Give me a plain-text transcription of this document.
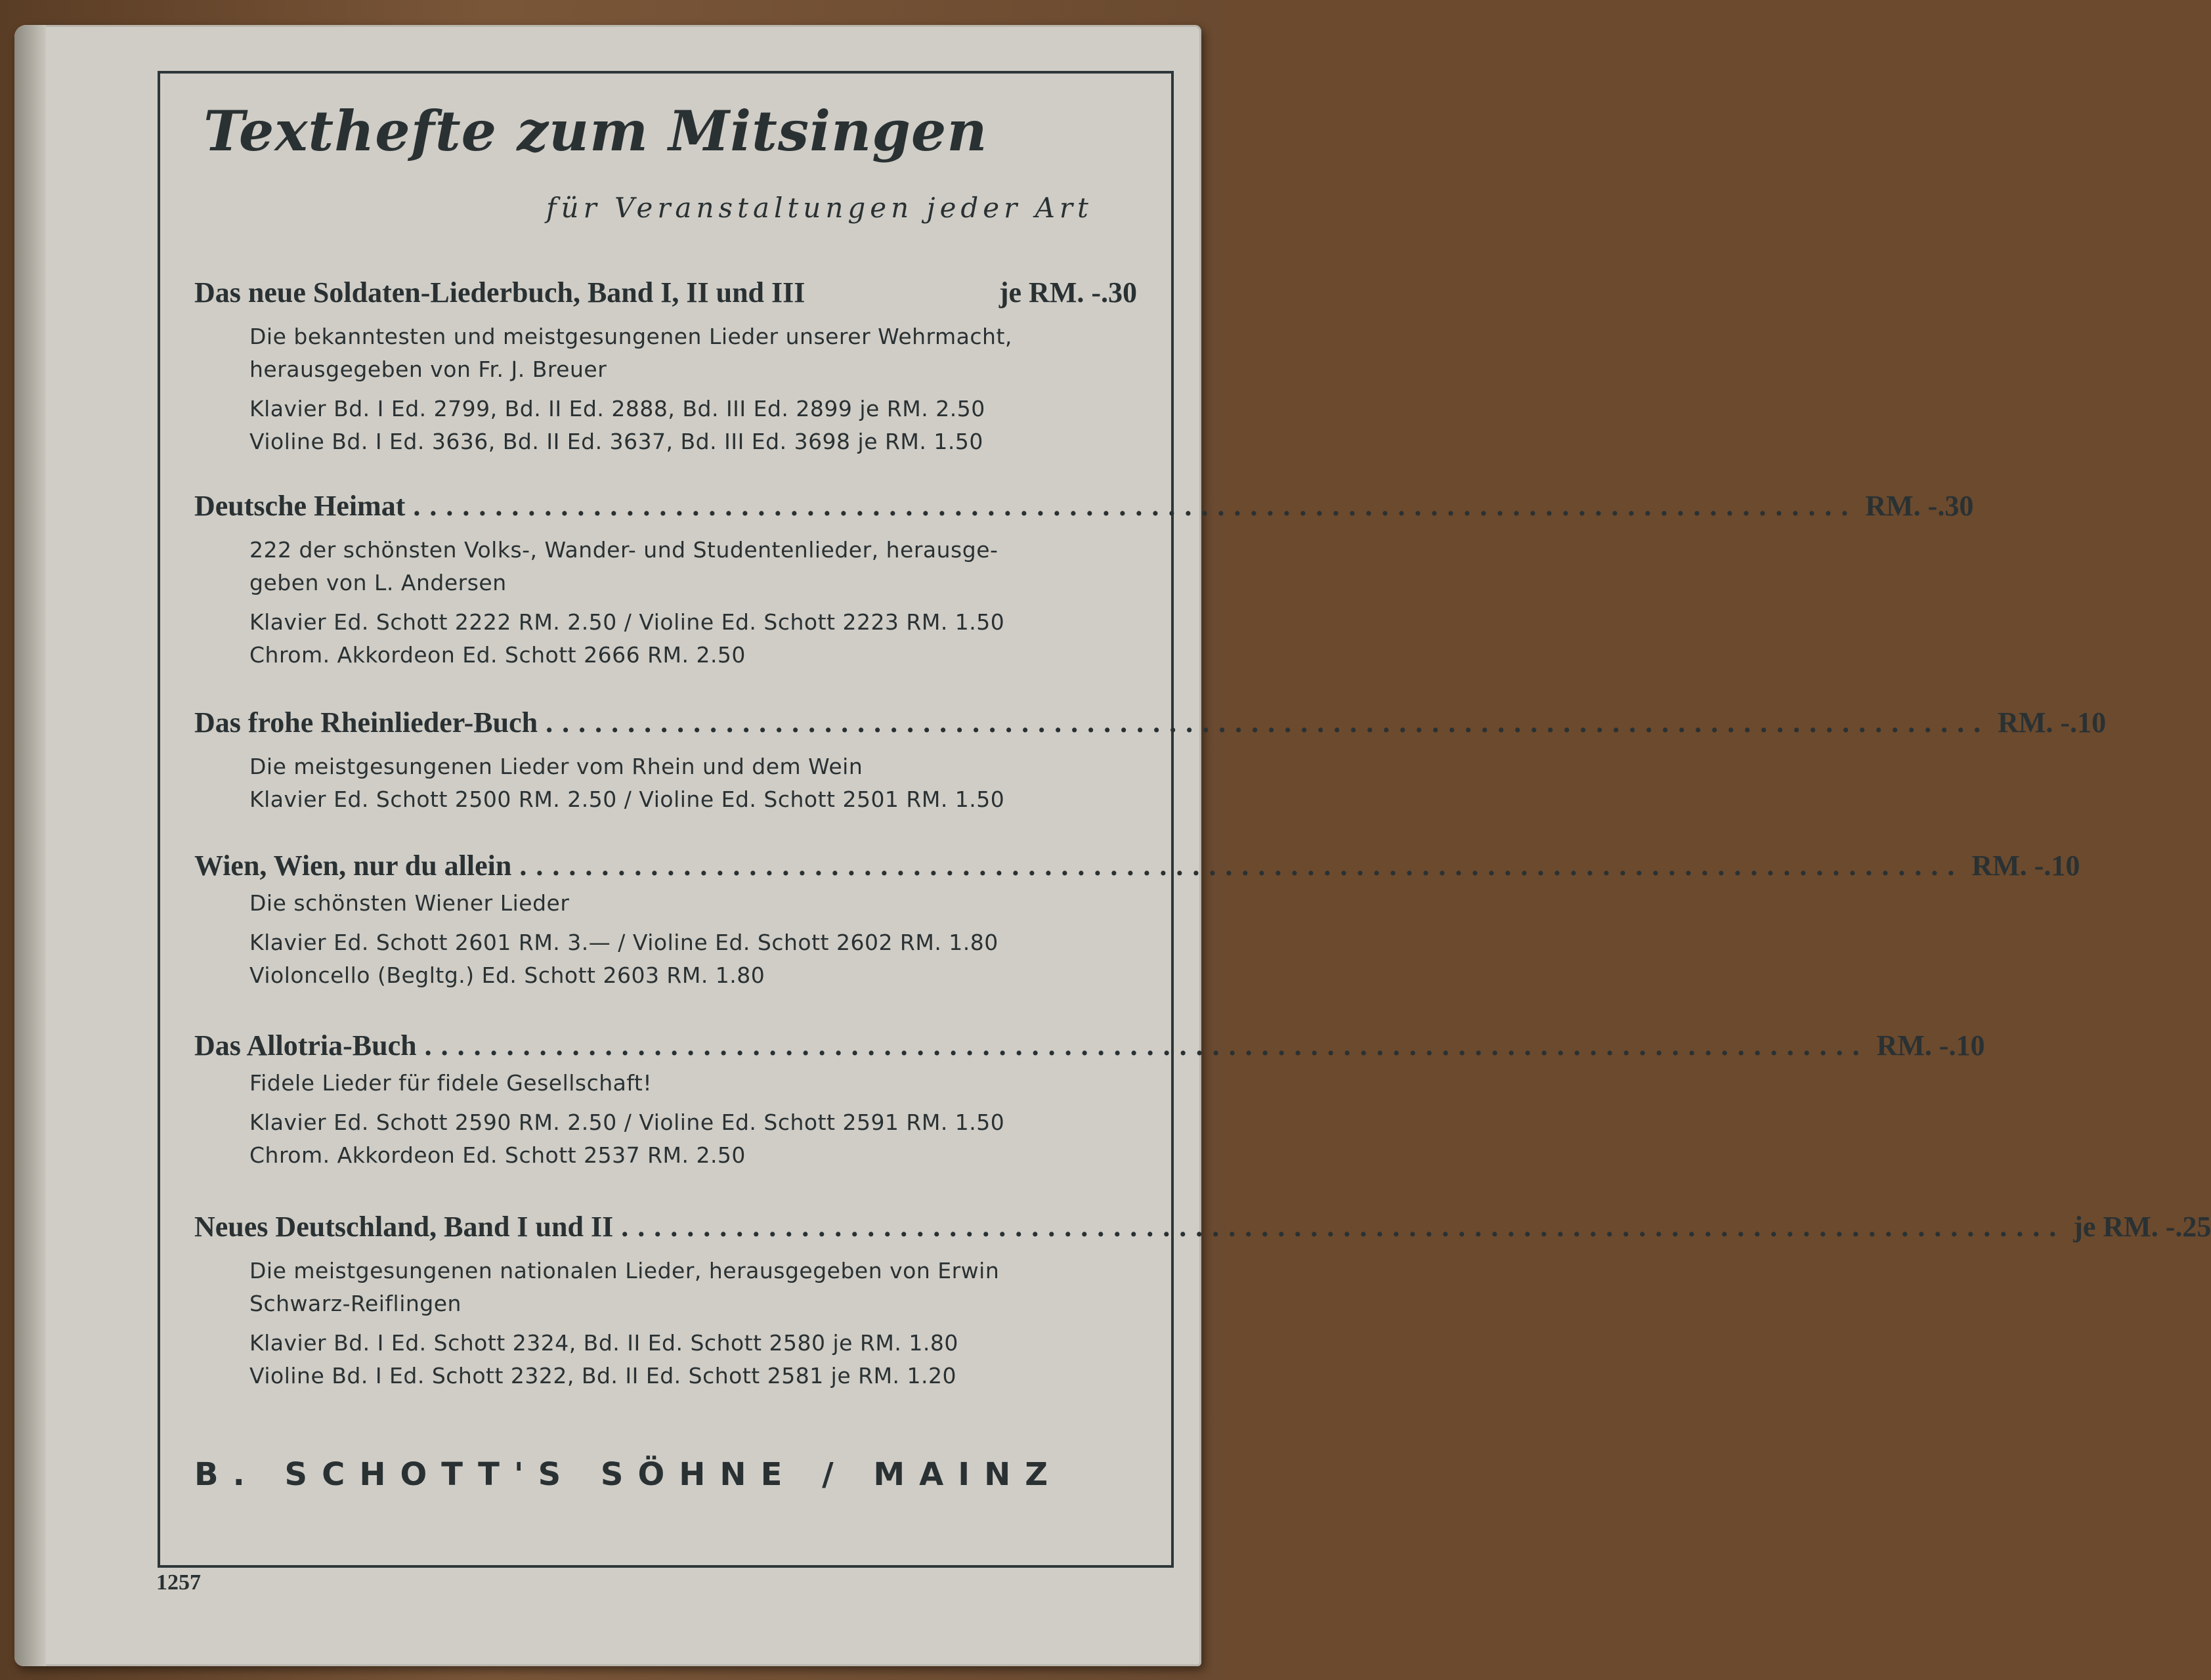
Texthefte zum Mitsingen
für Veranstaltungen jeder Art
Das neue Soldaten-Liederbuch, Band I, II und III	je RM. -.30
Die bekanntesten und meistgesungenen Lieder unserer Wehrmacht,
herausgegeben von Fr. J. Breuer
Klavier Bd. I Ed. 2799, Bd. II Ed. 2888, Bd. III Ed. 2899 je RM. 2.50
Violine Bd. I Ed. 3636, Bd. II Ed. 3637, Bd. III Ed. 3698 je RM. 1.50
Deutsche Heimat ........................................................................................ RM. -.30
222 der schönsten Volks-, Wander- und Studentenlieder, herausge-
geben von L. Andersen
Klavier Ed. Schott 2222 RM. 2.50 / Violine Ed. Schott 2223 RM. 1.50
Chrom. Akkordeon Ed. Schott 2666 RM. 2.50
Das frohe Rheinlieder-Buch ........................................................................................ RM. -.10
Die meistgesungenen Lieder vom Rhein und dem Wein
Klavier Ed. Schott 2500 RM. 2.50 / Violine Ed. Schott 2501 RM. 1.50
Wien, Wien, nur du allein ........................................................................................ RM. -.10
Die schönsten Wiener Lieder
Klavier Ed. Schott 2601 RM. 3.— / Violine Ed. Schott 2602 RM. 1.80
Violoncello (Begltg.) Ed. Schott 2603 RM. 1.80
Das Allotria-Buch ........................................................................................ RM. -.10
Fidele Lieder für fidele Gesellschaft!
Klavier Ed. Schott 2590 RM. 2.50 / Violine Ed. Schott 2591 RM. 1.50
Chrom. Akkordeon Ed. Schott 2537 RM. 2.50
Neues Deutschland, Band I und II ........................................................................................ je RM. -.25
Die meistgesungenen nationalen Lieder, herausgegeben von Erwin
Schwarz-Reiflingen
Klavier Bd. I Ed. Schott 2324, Bd. II Ed. Schott 2580 je RM. 1.80
Violine Bd. I Ed. Schott 2322, Bd. II Ed. Schott 2581 je RM. 1.20
B. SCHOTT'S SÖHNE / MAINZ
1257
